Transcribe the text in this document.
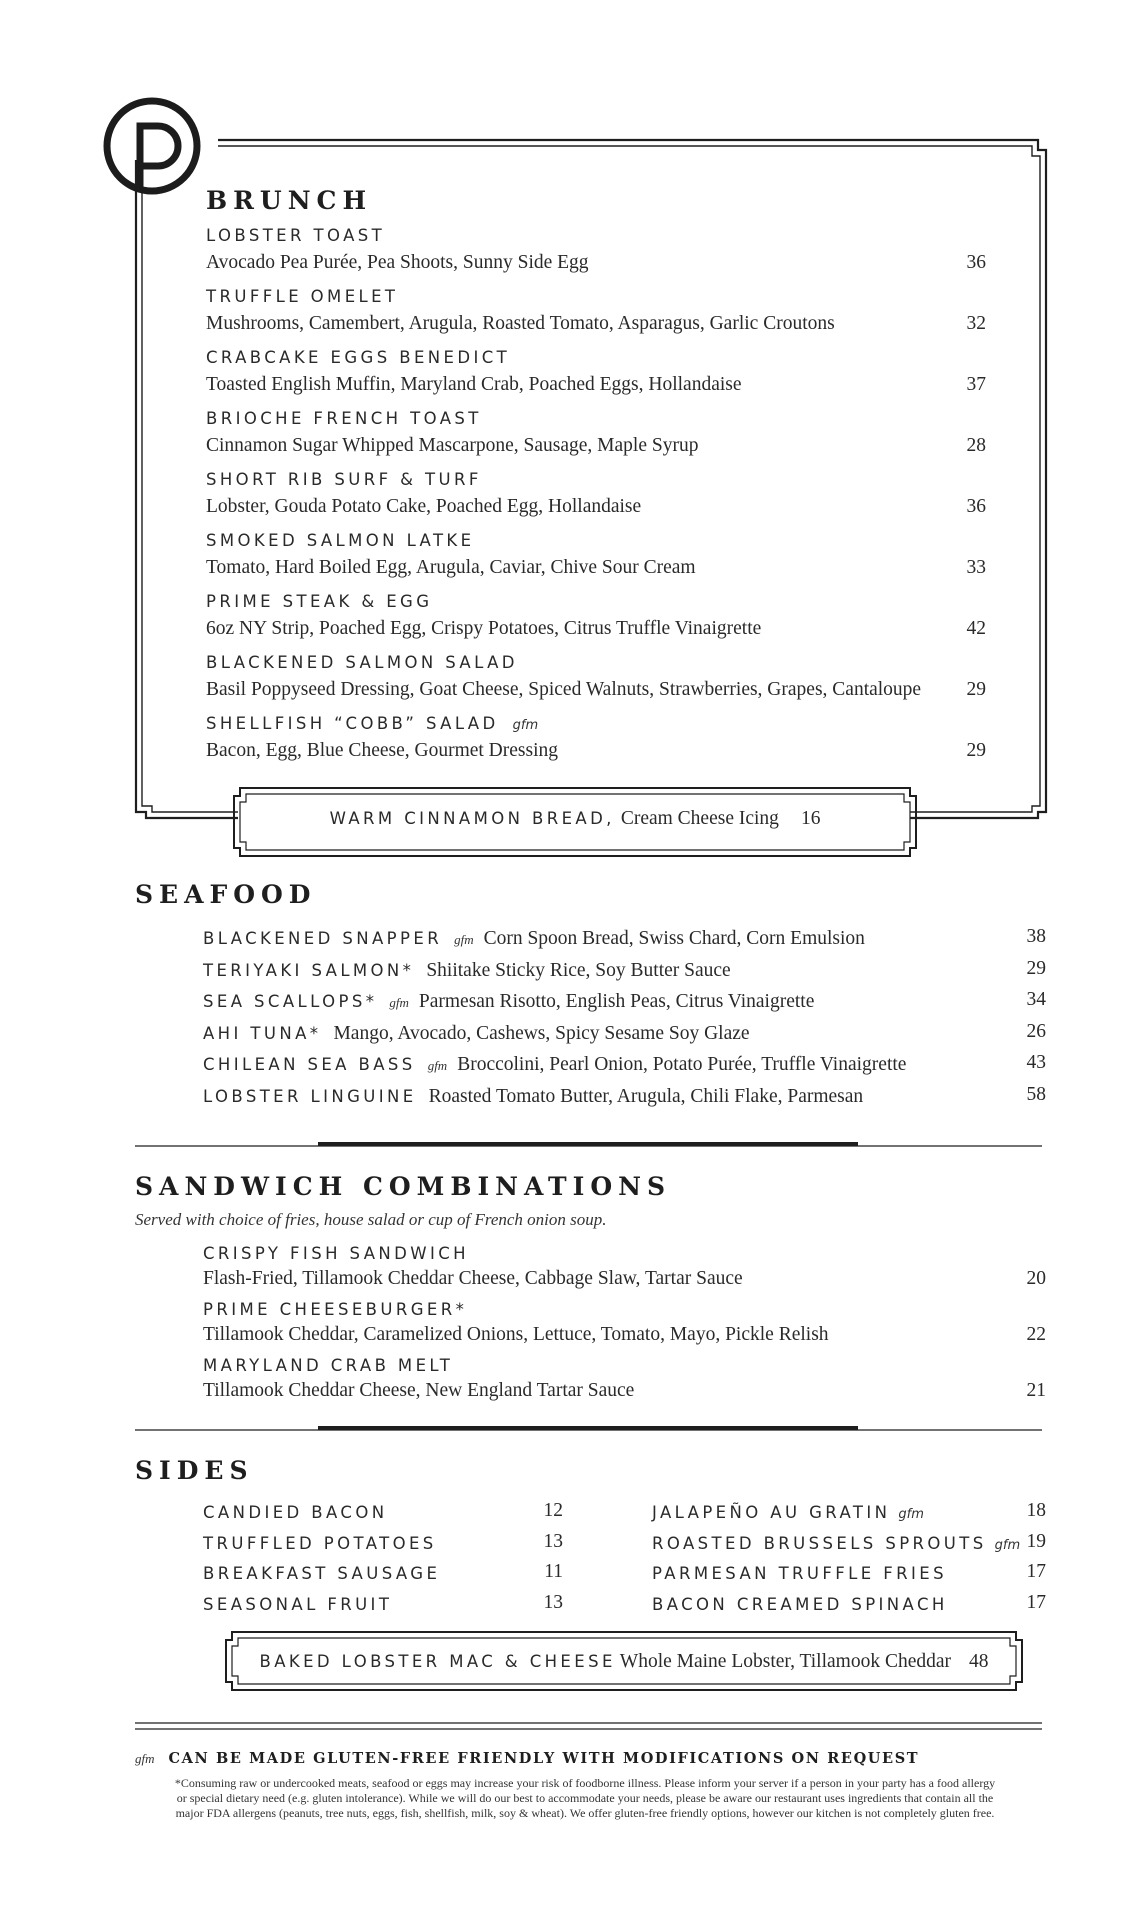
BRUNCH
LOBSTER TOAST
Avocado Pea Purée, Pea Shoots, Sunny Side Egg	36
TRUFFLE OMELET
Mushrooms, Camembert, Arugula, Roasted Tomato, Asparagus, Garlic Croutons	32
CRABCAKE EGGS BENEDICT
Toasted English Muffin, Maryland Crab, Poached Eggs, Hollandaise	37
BRIOCHE FRENCH TOAST
Cinnamon Sugar Whipped Mascarpone, Sausage, Maple Syrup	28
SHORT RIB SURF & TURF
Lobster, Gouda Potato Cake, Poached Egg, Hollandaise	36
SMOKED SALMON LATKE
Tomato, Hard Boiled Egg, Arugula, Caviar, Chive Sour Cream	33
PRIME STEAK & EGG
6oz NY Strip, Poached Egg, Crispy Potatoes, Citrus Truffle Vinaigrette	42
BLACKENED SALMON SALAD
Basil Poppyseed Dressing, Goat Cheese, Spiced Walnuts, Strawberries, Grapes, Cantaloupe	29
SHELLFISH “COBB” SALAD gfm
Bacon, Egg, Blue Cheese, Gourmet Dressing	29
WARM CINNAMON BREAD, Cream Cheese Icing 16
SEAFOOD
BLACKENED SNAPPER gfm Corn Spoon Bread, Swiss Chard, Corn Emulsion	38
TERIYAKI SALMON* Shiitake Sticky Rice, Soy Butter Sauce	29
SEA SCALLOPS* gfm Parmesan Risotto, English Peas, Citrus Vinaigrette	34
AHI TUNA* Mango, Avocado, Cashews, Spicy Sesame Soy Glaze	26
CHILEAN SEA BASS gfm Broccolini, Pearl Onion, Potato Purée, Truffle Vinaigrette	43
LOBSTER LINGUINE Roasted Tomato Butter, Arugula, Chili Flake, Parmesan	58
SANDWICH COMBINATIONS
Served with choice of fries, house salad or cup of French onion soup.
CRISPY FISH SANDWICH
Flash-Fried, Tillamook Cheddar Cheese, Cabbage Slaw, Tartar Sauce	20
PRIME CHEESEBURGER*
Tillamook Cheddar, Caramelized Onions, Lettuce, Tomato, Mayo, Pickle Relish	22
MARYLAND CRAB MELT
Tillamook Cheddar Cheese, New England Tartar Sauce	21
SIDES
CANDIED BACON	12
TRUFFLED POTATOES	13
BREAKFAST SAUSAGE	11
SEASONAL FRUIT	13
JALAPEÑO AU GRATIN gfm	18
ROASTED BRUSSELS SPROUTS gfm 19
PARMESAN TRUFFLE FRIES	17
BACON CREAMED SPINACH	17
BAKED LOBSTER MAC & CHEESE Whole Maine Lobster, Tillamook Cheddar 48
gfm CAN BE MADE GLUTEN-FREE FRIENDLY WITH MODIFICATIONS ON REQUEST
*Consuming raw or undercooked meats, seafood or eggs may increase your risk of foodborne illness. Please inform your server if a person in your party has a food allergy
or special dietary need (e.g. gluten intolerance). While we will do our best to accommodate your needs, please be aware our restaurant uses ingredients that contain all the
major FDA allergens (peanuts, tree nuts, eggs, fish, shellfish, milk, soy & wheat). We offer gluten-free friendly options, however our kitchen is not completely gluten free.
